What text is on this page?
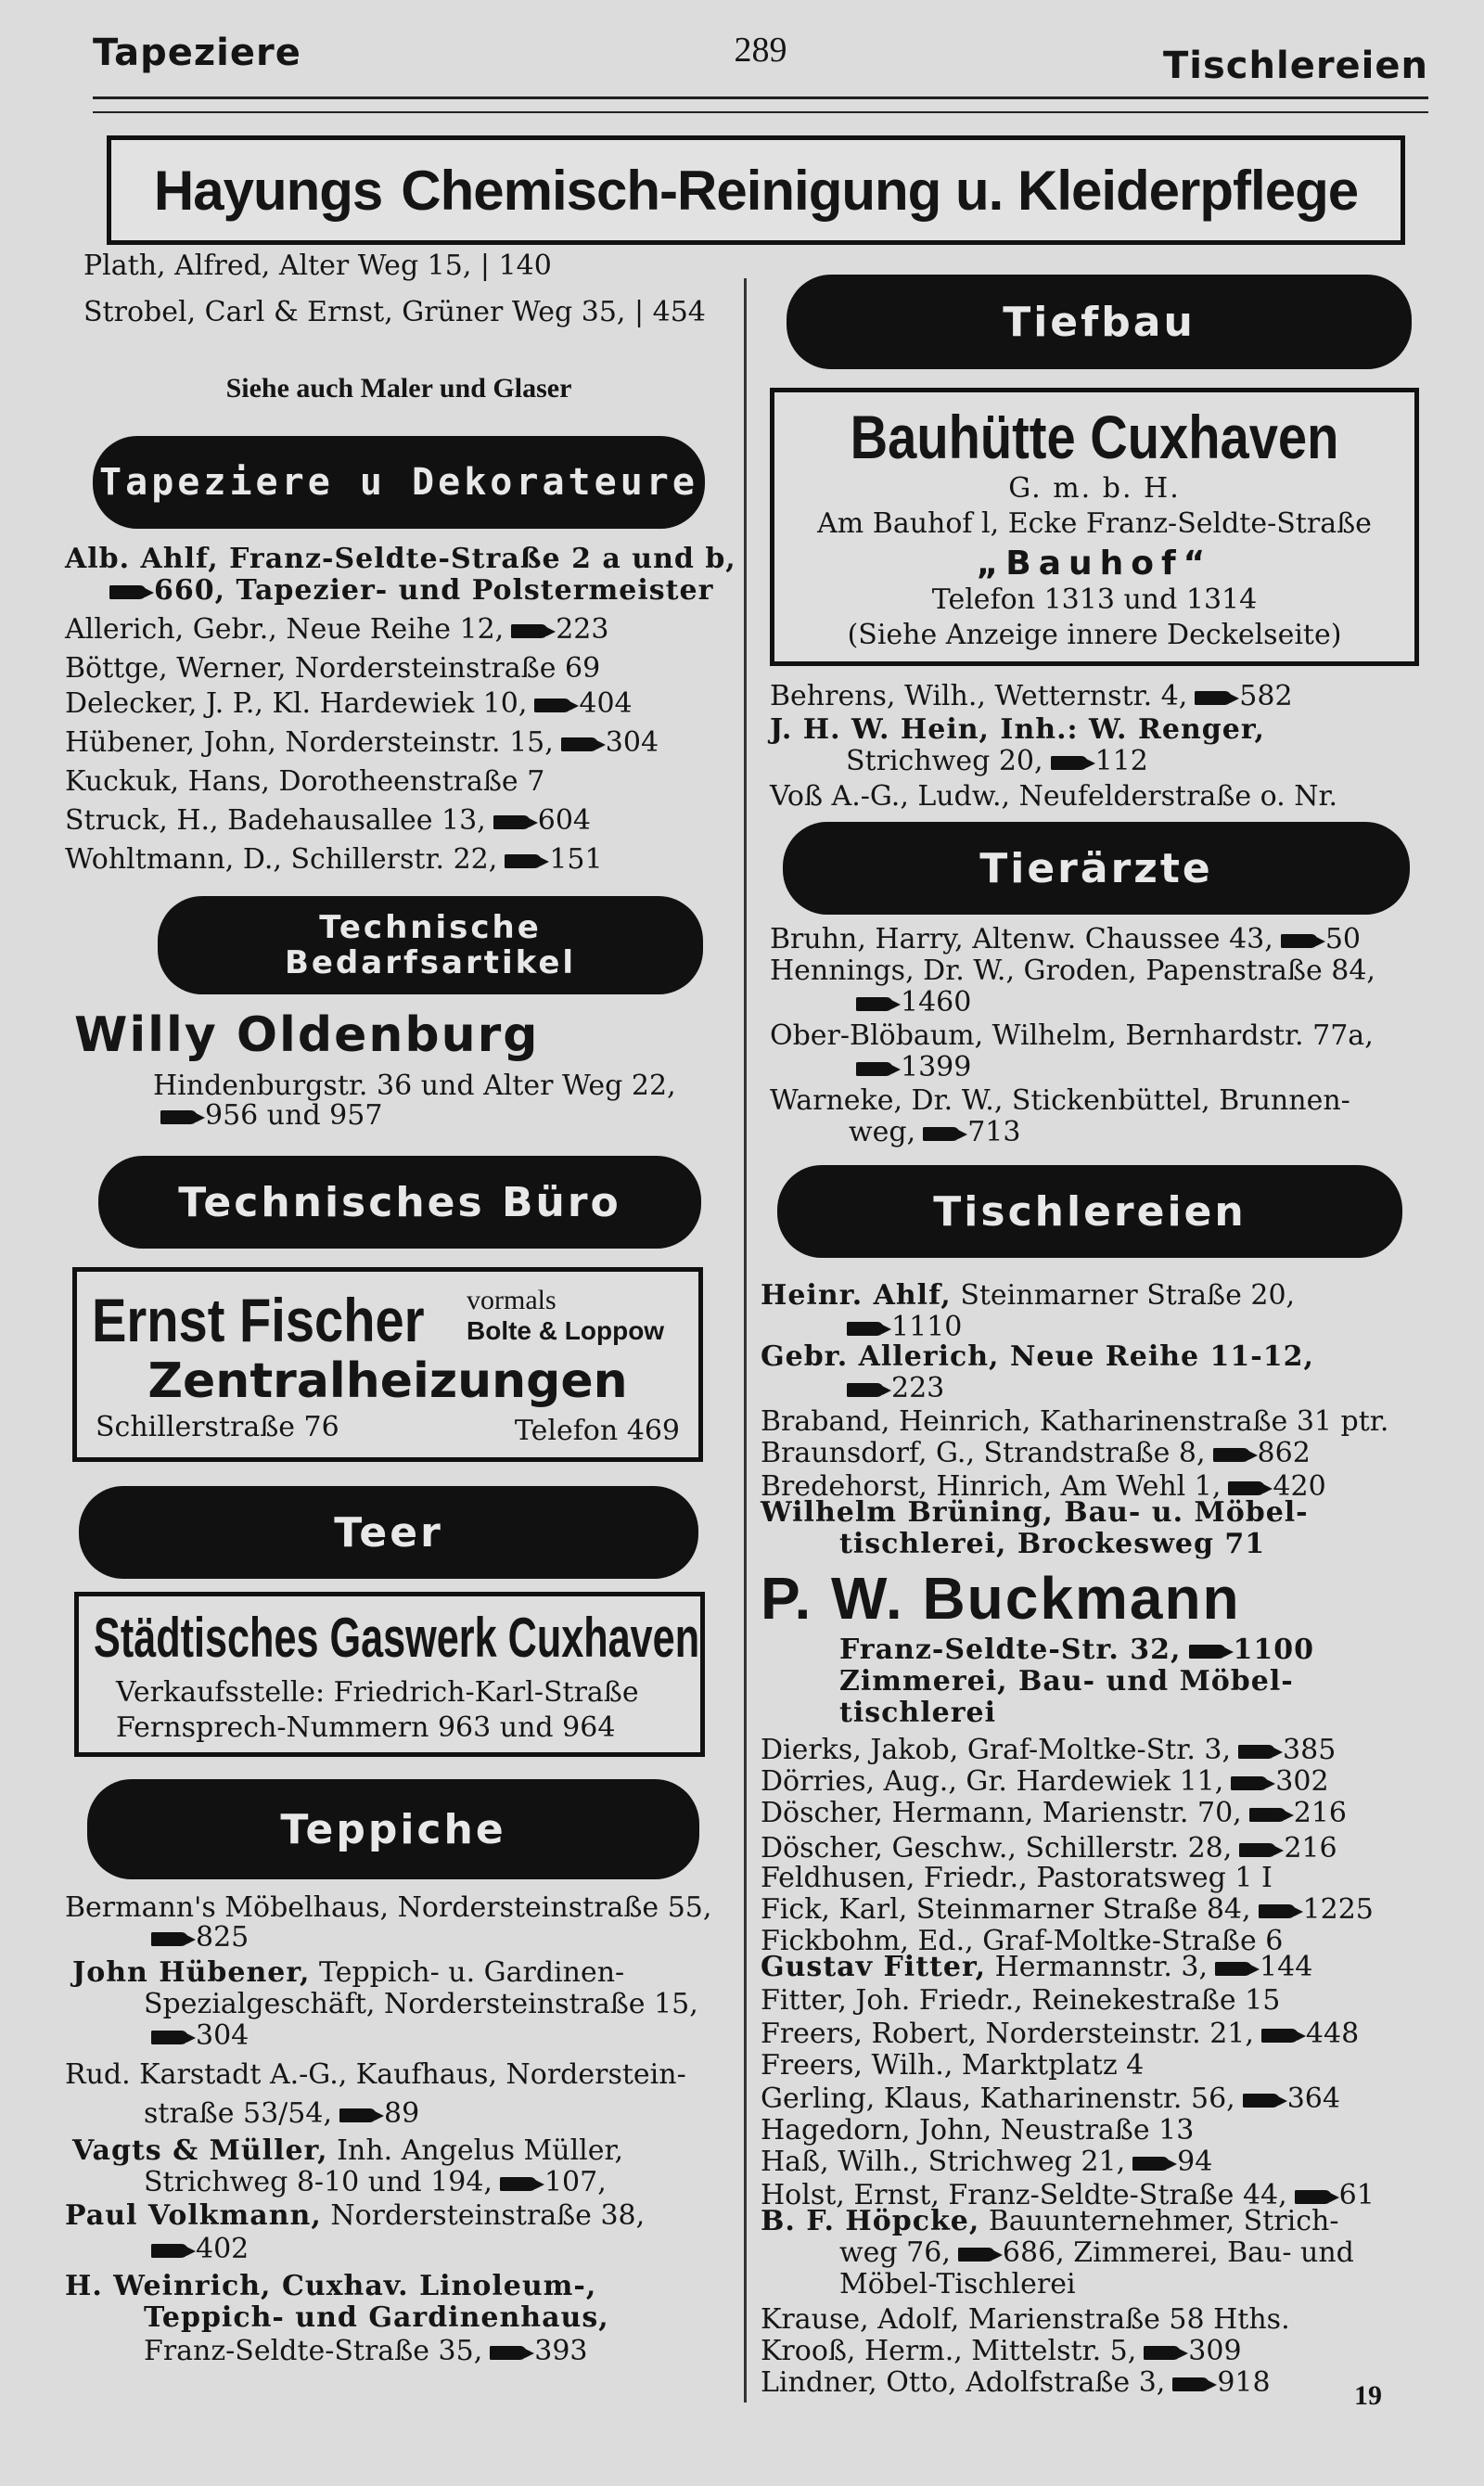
Tapeziere	289	Tischlereien
Hayungs Chemisch-Reinigung u. Kleiderpflege
Plath, Alfred, Alter Weg 15, | 140
Strobel, Carl & Ernst, Grüner Weg 35, | 454
Siehe auch Maler und Glaser
Tapezierе u Dekorateure
Alb. Ahlf, Franz-Seldte-Straße 2 a und b,
660, Tapezier- und Polstermeister
Allerich, Gebr., Neue Reihe 12, 223
Böttge, Werner, Norderstеinstraße 69
Delecker, J. P., Kl. Hardewiek 10, 404
Hübener, John, Nordersteinstr. 15, 304
Kuckuk, Hans, Dorotheenstraße 7
Struck, H., Badehausallee 13, 604
Wohltmann, D., Schillerstr. 22, 151
Technische
Bedarfsartikel
Willy Oldenburg
Hindenburgstr. 36 und Alter Weg 22,
956 und 957
Technisches Büro
Ernst Fischer vormals
Bolte & Loppow
Zentralheizungen
Schillerstraße 76	Telefon 469
Teer
Städtisches Gaswerk Cuxhaven
Verkaufsstelle: Friedrich-Karl-Straße
Fernsprech-Nummern 963 und 964
Teppiche
Bermann's Möbelhaus, Norderstеinstraße 55,
825
John Hübener, Teppich- u. Gardinen-
Spezialgeschäft, Nordersteinstraße 15,
304
Rud. Karstadt A.-G., Kaufhaus, Norderstein-
straße 53/54, 89
Vagts & Müller, Inh. Angelus Müller,
Strichweg 8-10 und 194, 107,
Paul Volkmann, Nordersteinstraße 38,
402
H. Weinrich, Cuxhav. Linoleum-,
Teppich- und Gardinenhaus,
Franz-Seldte-Straße 35, 393
Tiefbau
Bauhütte Cuxhaven
G. m. b. H.
Am Bauhof l, Ecke Franz-Seldte-Straße
„Bauhof“
Telefon 1313 und 1314
(Siehe Anzeige innere Deckelseite)
Behrens, Wilh., Wetternstr. 4, 582
J. H. W. Hein, Inh.: W. Renger,
Strichweg 20, 112
Voß A.-G., Ludw., Neufelderstraße o. Nr.
Tierärzte
Bruhn, Harry, Altenw. Chaussee 43, 50
Hennings, Dr. W., Groden, Papenstraße 84,
1460
Ober-Blöbaum, Wilhelm, Bernhardstr. 77a,
1399
Warneke, Dr. W., Stickenbüttel, Brunnen-
weg, 713
Tischlereien
Heinr. Ahlf, Steinmarner Straße 20,
1110
Gebr. Allerich, Neue Reihe 11-12,
223
Braband, Heinrich, Katharinenstraße 31 ptr.
Braunsdorf, G., Strandstraße 8, 862
Bredehorst, Hinrich, Am Wehl 1, 420
Wilhelm Brüning, Bau- u. Möbel-
tischlerei, Brockesweg 71
P. W. Buckmann
Franz-Seldte-Str. 32, 1100
Zimmerei, Bau- und Möbel-
tischlerei
Dierks, Jakob, Graf-Moltke-Str. 3, 385
Dörries, Aug., Gr. Hardewiek 11, 302
Döscher, Hermann, Marienstr. 70, 216
Döscher, Geschw., Schillerstr. 28, 216
Feldhusen, Friedr., Pastoratsweg 1 I
Fick, Karl, Steinmarner Straße 84, 1225
Fickbohm, Ed., Graf-Moltke-Straße 6
Gustav Fitter, Hermannstr. 3, 144
Fitter, Joh. Friedr., Reinekestraße 15
Freers, Robert, Nordersteinstr. 21, 448
Freers, Wilh., Marktplatz 4
Gerling, Klaus, Katharinenstr. 56, 364
Hagedorn, John, Neustraße 13
Haß, Wilh., Strichweg 21, 94
Holst, Ernst, Franz-Seldte-Straße 44, 61
B. F. Höpcke, Bauunternehmer, Strich-
weg 76, 686, Zimmerei, Bau- und
Möbel-Tischlerei
Krause, Adolf, Marienstraße 58 Hths.
Krooß, Herm., Mittelstr. 5, 309
Lindner, Otto, Adolfstraße 3, 918	19
